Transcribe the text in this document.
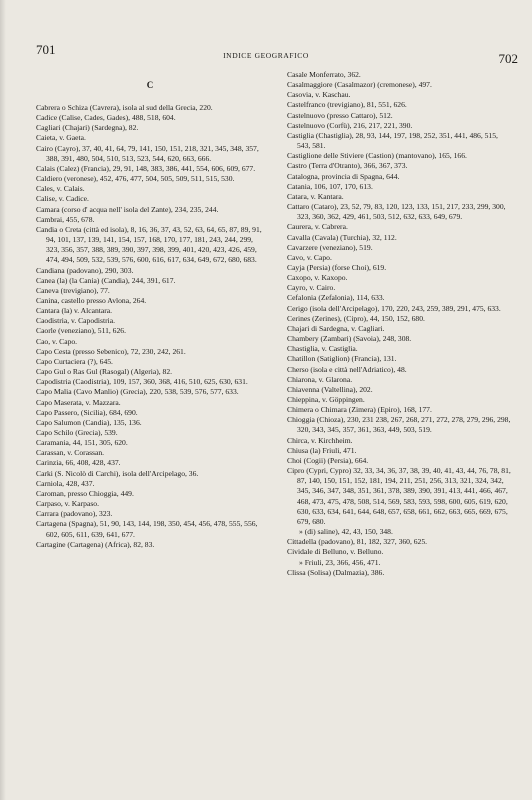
701	INDICE GEOGRAFICO	702
C

Cabrera o Schiza (Cavrera), isola al sud della Grecia, 220.

Cadice (Calise, Cades, Gades), 488, 518, 604.

Cagliari (Chajari) (Sardegna), 82.

Caieta, v. Gaeta.

Cairo (Cayro), 37, 40, 41, 64, 79, 141, 150, 151, 218, 321, 345, 348, 357, 388, 391, 480, 504, 510, 513, 523, 544, 620, 663, 666.

Calais (Calez) (Francia), 29, 91, 148, 383, 386, 441, 554, 606, 609, 677.

Caldiero (veronese), 452, 476, 477, 504, 505, 509, 511, 515, 530.

Cales, v. Calais.

Calise, v. Cadice.

Camara (corso d' acqua nell' isola del Zante), 234, 235, 244.

Cambrai, 455, 678.

Candia o Creta (città ed isola), 8, 16, 36, 37, 43, 52, 63, 64, 65, 87, 89, 91, 94, 101, 137, 139, 141, 154, 157, 168, 170, 177, 181, 243, 244, 299, 323, 356, 357, 388, 389, 390, 397, 398, 399, 401, 420, 423, 426, 459, 474, 494, 509, 532, 539, 576, 600, 616, 617, 634, 649, 672, 680, 683.

Candiana (padovano), 290, 303.

Canea (la) (la Cania) (Candia), 244, 391, 617.

Caneva (trevigiano), 77.

Canina, castello presso Avlona, 264.

Cantara (la) v. Alcantara.

Caodistria, v. Capodistria.

Caorle (veneziano), 511, 626.

Cao, v. Capo.

Capo Cesta (presso Sebenico), 72, 230, 242, 261.

Capo Curtaciera (?), 645.

Capo Gul o Ras Gul (Rasogal) (Algeria), 82.

Capodistria (Caodistria), 109, 157, 360, 368, 416, 510, 625, 630, 631.

Capo Malia (Cavo Manlio) (Grecia), 220, 538, 539, 576, 577, 633.

Capo Maserata, v. Mazzara.

Capo Passero, (Sicilia), 684, 690.

Capo Salumon (Candia), 135, 136.

Capo Schilo (Grecia), 539.

Caramania, 44, 151, 305, 620.

Carassan, v. Corassan.

Carinzia, 66, 408, 428, 437.

Carki (S. Nicolò di Carchi), isola dell'Arcipelago, 36.

Carniola, 428, 437.

Caroman, presso Chioggia, 449.

Carpaso, v. Karpaso.

Carrara (padovano), 323.

Cartagena (Spagna), 51, 90, 143, 144, 198, 350, 454, 456, 478, 555, 556, 602, 605, 611, 639, 641, 677.

Cartagine (Cartagena) (Africa), 82, 83.

Casale Monferrato, 362.

Casalmaggiore (Casalmazor) (cremonese), 497.

Casovia, v. Kaschau.

Castelfranco (trevigiano), 81, 551, 626.

Castelnuovo (presso Cattaro), 512.

Castelnuovo (Corfù), 216, 217, 221, 390.

Castiglia (Chastiglia), 28, 93, 144, 197, 198, 252, 351, 441, 486, 515, 543, 581.

Castiglione delle Stiviere (Castion) (mantovano), 165, 166.

Castro (Terra d'Otranto), 366, 367, 373.

Catalogna, provincia di Spagna, 644.

Catania, 106, 107, 170, 613.

Catara, v. Kantara.

Cattaro (Cataro), 23, 52, 79, 83, 120, 123, 133, 151, 217, 233, 299, 300, 323, 360, 362, 429, 461, 503, 512, 632, 633, 649, 679.

Caurera, v. Cabrera.

Cavalla (Cavala) (Turchia), 32, 112.

Cavarzere (veneziano), 519.

Cavo, v. Capo.

Cayja (Persia) (forse Choi), 619.

Caxopo, v. Kaxopo.

Cayro, v. Cairo.

Cefalonia (Zefalonia), 114, 633.

Cerigo (isola dell'Arcipelago), 170, 220, 243, 259, 389, 291, 475, 633.

Cerines (Zerines), (Cipro), 44, 150, 152, 680.

Chajari di Sardegna, v. Cagliari.

Chambery (Zambari) (Savoia), 248, 308.

Chastiglia, v. Castiglia.

Chatillon (Satiglion) (Francia), 131.

Cherso (isola e città nell'Adriatico), 48.

Chiarona, v. Glarona.

Chiavenna (Valtellina), 202.

Chieppina, v. Göppingen.

Chimera o Chimara (Zimera) (Epiro), 168, 177.

Chioggia (Chioza), 230, 231 238, 267, 268, 271, 272, 278, 279, 296, 298, 320, 343, 345, 357, 361, 363, 449, 503, 519.

Chirca, v. Kirchheim.

Chiusa (la) Friuli, 471.

Choi (Cogii) (Persia), 664.

Cipro (Cypri, Cypro) 32, 33, 34, 36, 37, 38, 39, 40, 41, 43, 44, 76, 78, 81, 87, 140, 150, 151, 152, 181, 194, 211, 251, 256, 313, 321, 324, 342, 345, 346, 347, 348, 351, 361, 378, 389, 390, 391, 413, 441, 466, 467, 468, 473, 475, 478, 508, 514, 569, 583, 593, 598, 600, 605, 619, 620, 630, 633, 634, 641, 644, 648, 657, 658, 661, 662, 663, 665, 669, 675, 679, 680.

» (di) saline), 42, 43, 150, 348.

Cittadella (padovano), 81, 182, 327, 360, 625.

Cividale di Belluno, v. Belluno.

» Friuli, 23, 366, 456, 471.

Clissa (Solisa) (Dalmazia), 386.
